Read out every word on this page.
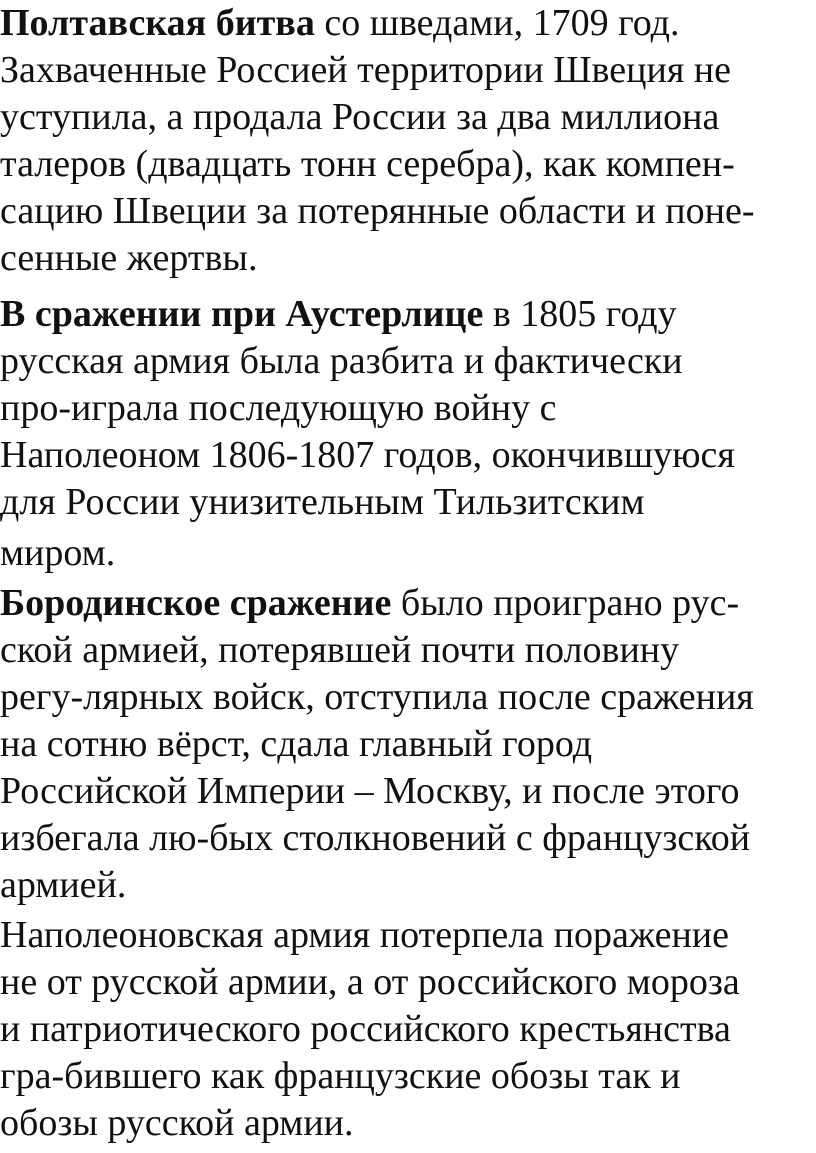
Полтавская битва со шведами, 1709 год.
Захваченные Россией территории Швеция не
уступила, а продала России за два миллиона
талеров (двадцать тонн серебра), как компен-
сацию Швеции за потерянные области и поне-
сенные жертвы.
В сражении при Аустерлице в 1805 году
русская армия была разбита и фактически
про-играла последующую войну с
Наполеоном 1806-1807 годов, окончившуюся
для России унизительным Тильзитским
миром.
Бородинское сражение было проиграно рус-
ской армией, потерявшей почти половину
регу-лярных войск, отступила после сражения
на сотню вёрст, сдала главный город
Российской Империи – Москву, и после этого
избегала лю-бых столкновений с французской
армией.
Наполеоновская армия потерпела поражение
не от русской армии, а от российского мороза
и патриотического российского крестьянства
гра-бившего как французские обозы так и
обозы русской армии.
